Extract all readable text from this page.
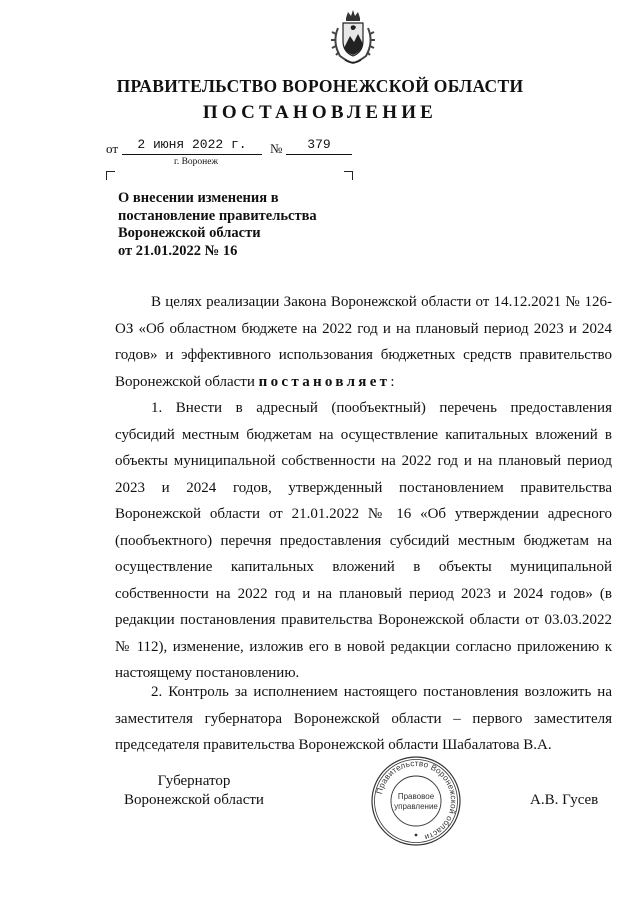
ПРАВИТЕЛЬСТВО ВОРОНЕЖСКОЙ ОБЛАСТИ
ПОСТАНОВЛЕНИЕ
от	2 июня 2022 г.	№	379
г. Воронеж
О внесении изменения в
постановление правительства
Воронежской области
от 21.01.2022 № 16

В целях реализации Закона Воронежской области от 14.12.2021 № 126-ОЗ «Об областном бюджете на 2022 год и на плановый период 2023 и 2024 годов» и эффективного использования бюджетных средств правительство Воронежской области постановляет:

1. Внести в адресный (пообъектный) перечень предоставления субсидий местным бюджетам на осуществление капитальных вложений в объекты муниципальной собственности на 2022 год и на плановый период 2023 и 2024 годов, утвержденный постановлением правительства Воронежской области от 21.01.2022 № 16 «Об утверждении адресного (пообъектного) перечня предоставления субсидий местным бюджетам на осуществление капитальных вложений в объекты муниципальной собственности на 2022 год и на плановый период 2023 и 2024 годов» (в редакции постановления правительства Воронежской области от 03.03.2022 № 112), изменение, изложив его в новой редакции согласно приложению к настоящему постановлению.

2. Контроль за исполнением настоящего постановления возложить на заместителя губернатора Воронежской области – первого заместителя председателя правительства Воронежской области Шабалатова В.А.

Губернатор
Воронежской области
Правительство Воронежской области
Правовое
управление	А.В. Гусев
